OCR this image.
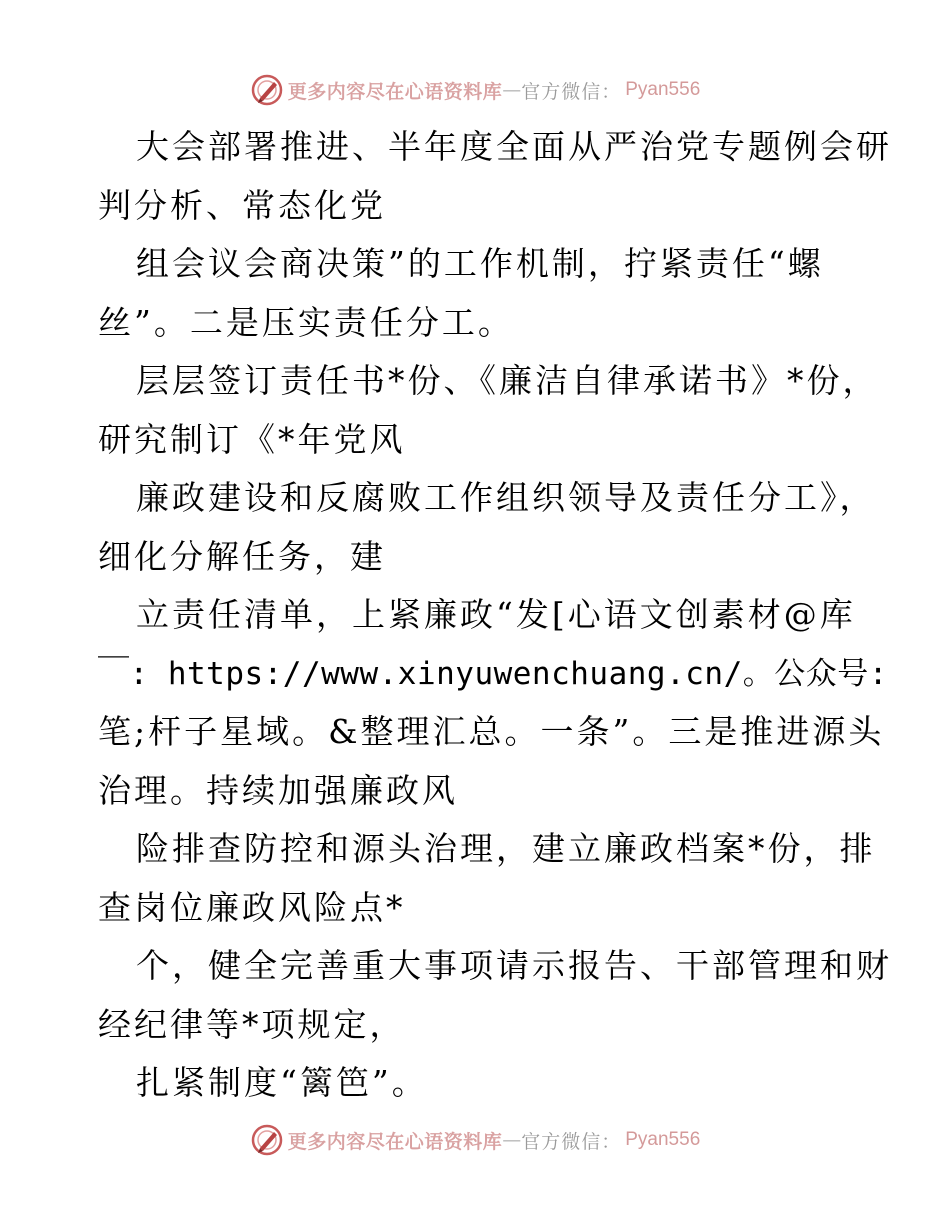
更多内容尽在心语资料库 — 官方微信： Pyan556
大会部署推进、半年度全面从严治党专题例会研
判分析、常态化党
组会议会商决策”的工作机制，拧紧责任“螺
丝”。二是压实责任分工。
层层签订责任书*份、《廉洁自律承诺书》*份，
研究制订《*年党风
廉政建设和反腐败工作组织领导及责任分工》，
细化分解任务，建
立责任清单，上紧廉政“发[心语文创素材@库
￣: https://www.xinyuwenchuang.cn/。公众号:
笔;杆子星域。&整理汇总。一条”。三是推进源头
治理。持续加强廉政风
险排查防控和源头治理，建立廉政档案*份，排
查岗位廉政风险点*
个，健全完善重大事项请示报告、干部管理和财
经纪律等*项规定，
扎紧制度“篱笆”。
更多内容尽在心语资料库 — 官方微信： Pyan556
